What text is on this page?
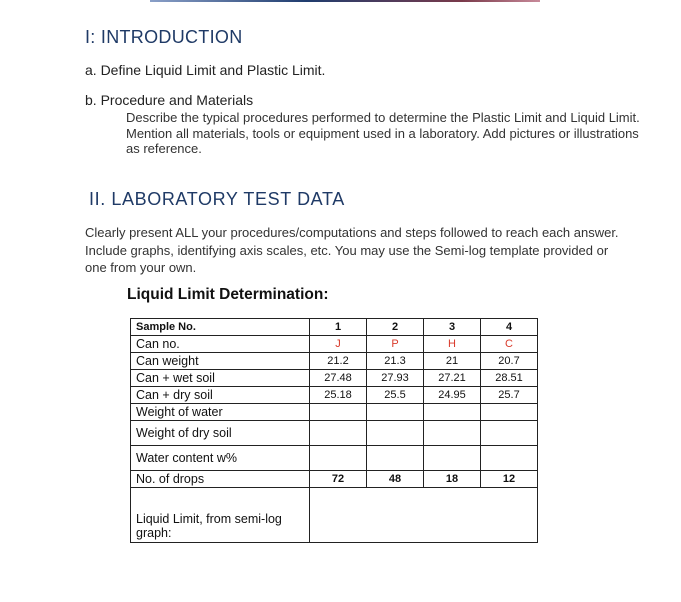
I: INTRODUCTION
a. Define Liquid Limit and Plastic Limit.
b. Procedure and Materials
Describe the typical procedures performed to determine the Plastic Limit and Liquid Limit. Mention all materials, tools or equipment used in a laboratory. Add pictures or illustrations as reference.
II. LABORATORY TEST DATA
Clearly present ALL your procedures/computations and steps followed to reach each answer. Include graphs, identifying axis scales, etc. You may use the Semi-log template provided or one from your own.
Liquid Limit Determination:
Sample No.	1	2	3	4
Can no.	J	P	H	C
Can weight	21.2	21.3	21	20.7
Can + wet soil	27.48	27.93	27.21	28.51
Can + dry soil	25.18	25.5	24.95	25.7
Weight of water				
Weight of dry soil				
Water content w%				
No. of drops	72	48	18	12
Liquid Limit, from semi-log graph:				
